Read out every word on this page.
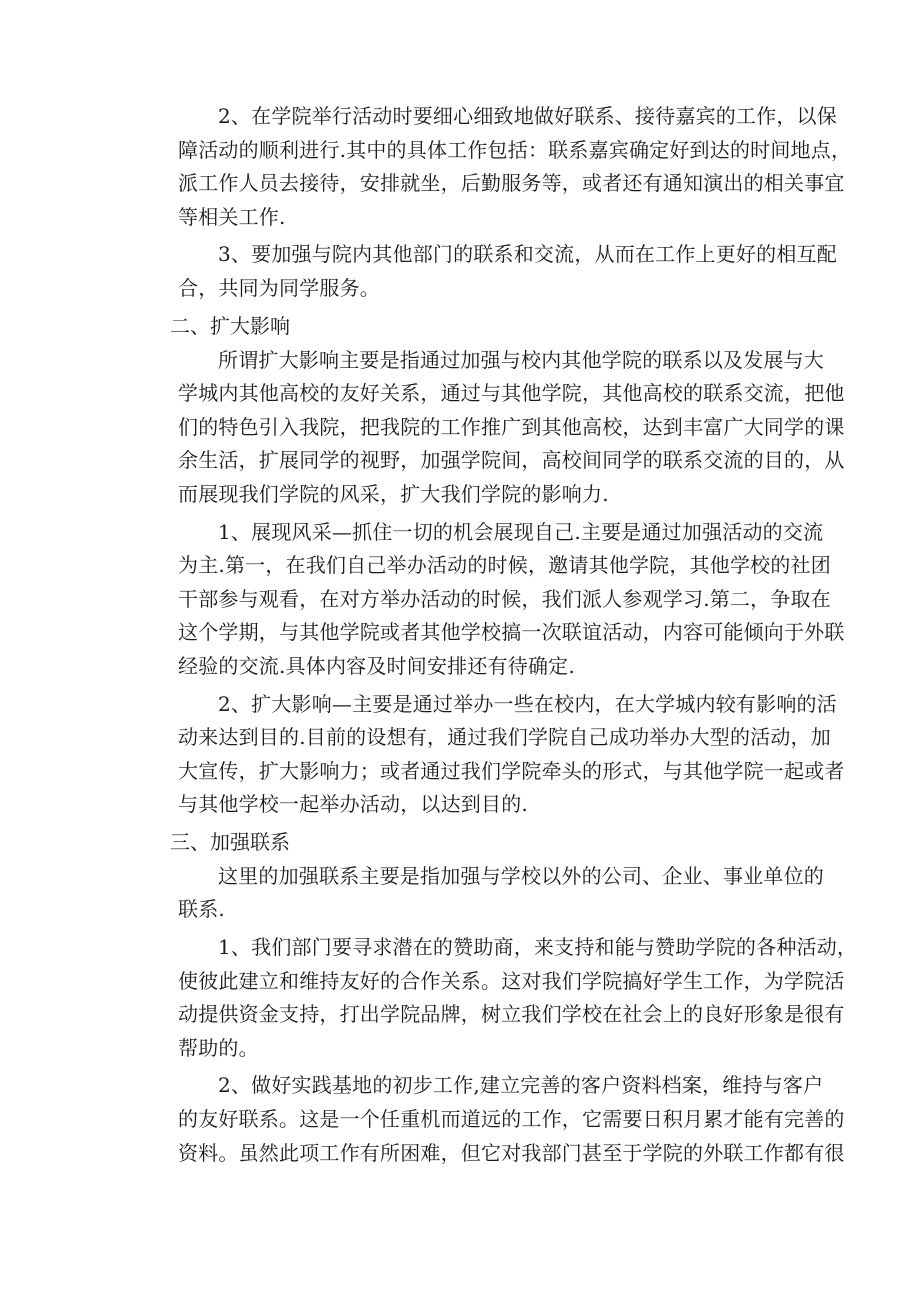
2、在学院举行活动时要细心细致地做好联系、接待嘉宾的工作，以保
障活动的顺利进行.其中的具体工作包括：联系嘉宾确定好到达的时间地点，
派工作人员去接待，安排就坐，后勤服务等，或者还有通知演出的相关事宜
等相关工作.
3、要加强与院内其他部门的联系和交流，从而在工作上更好的相互配
合，共同为同学服务。
二、扩大影响
所谓扩大影响主要是指通过加强与校内其他学院的联系以及发展与大
学城内其他高校的友好关系，通过与其他学院，其他高校的联系交流，把他
们的特色引入我院，把我院的工作推广到其他高校，达到丰富广大同学的课
余生活，扩展同学的视野，加强学院间，高校间同学的联系交流的目的，从
而展现我们学院的风采，扩大我们学院的影响力.
1、展现风采—抓住一切的机会展现自己.主要是通过加强活动的交流
为主.第一，在我们自己举办活动的时候，邀请其他学院，其他学校的社团
干部参与观看，在对方举办活动的时候，我们派人参观学习.第二，争取在
这个学期，与其他学院或者其他学校搞一次联谊活动，内容可能倾向于外联
经验的交流.具体内容及时间安排还有待确定.
2、扩大影响—主要是通过举办一些在校内，在大学城内较有影响的活
动来达到目的.目前的设想有，通过我们学院自己成功举办大型的活动，加
大宣传，扩大影响力；或者通过我们学院牵头的形式，与其他学院一起或者
与其他学校一起举办活动，以达到目的.
三、加强联系
这里的加强联系主要是指加强与学校以外的公司、企业、事业单位的
联系.
1、我们部门要寻求潜在的赞助商，来支持和能与赞助学院的各种活动，
使彼此建立和维持友好的合作关系。这对我们学院搞好学生工作，为学院活
动提供资金支持，打出学院品牌，树立我们学校在社会上的良好形象是很有
帮助的。
2、做好实践基地的初步工作,建立完善的客户资料档案，维持与客户
的友好联系。这是一个任重机而道远的工作，它需要日积月累才能有完善的
资料。虽然此项工作有所困难，但它对我部门甚至于学院的外联工作都有很
